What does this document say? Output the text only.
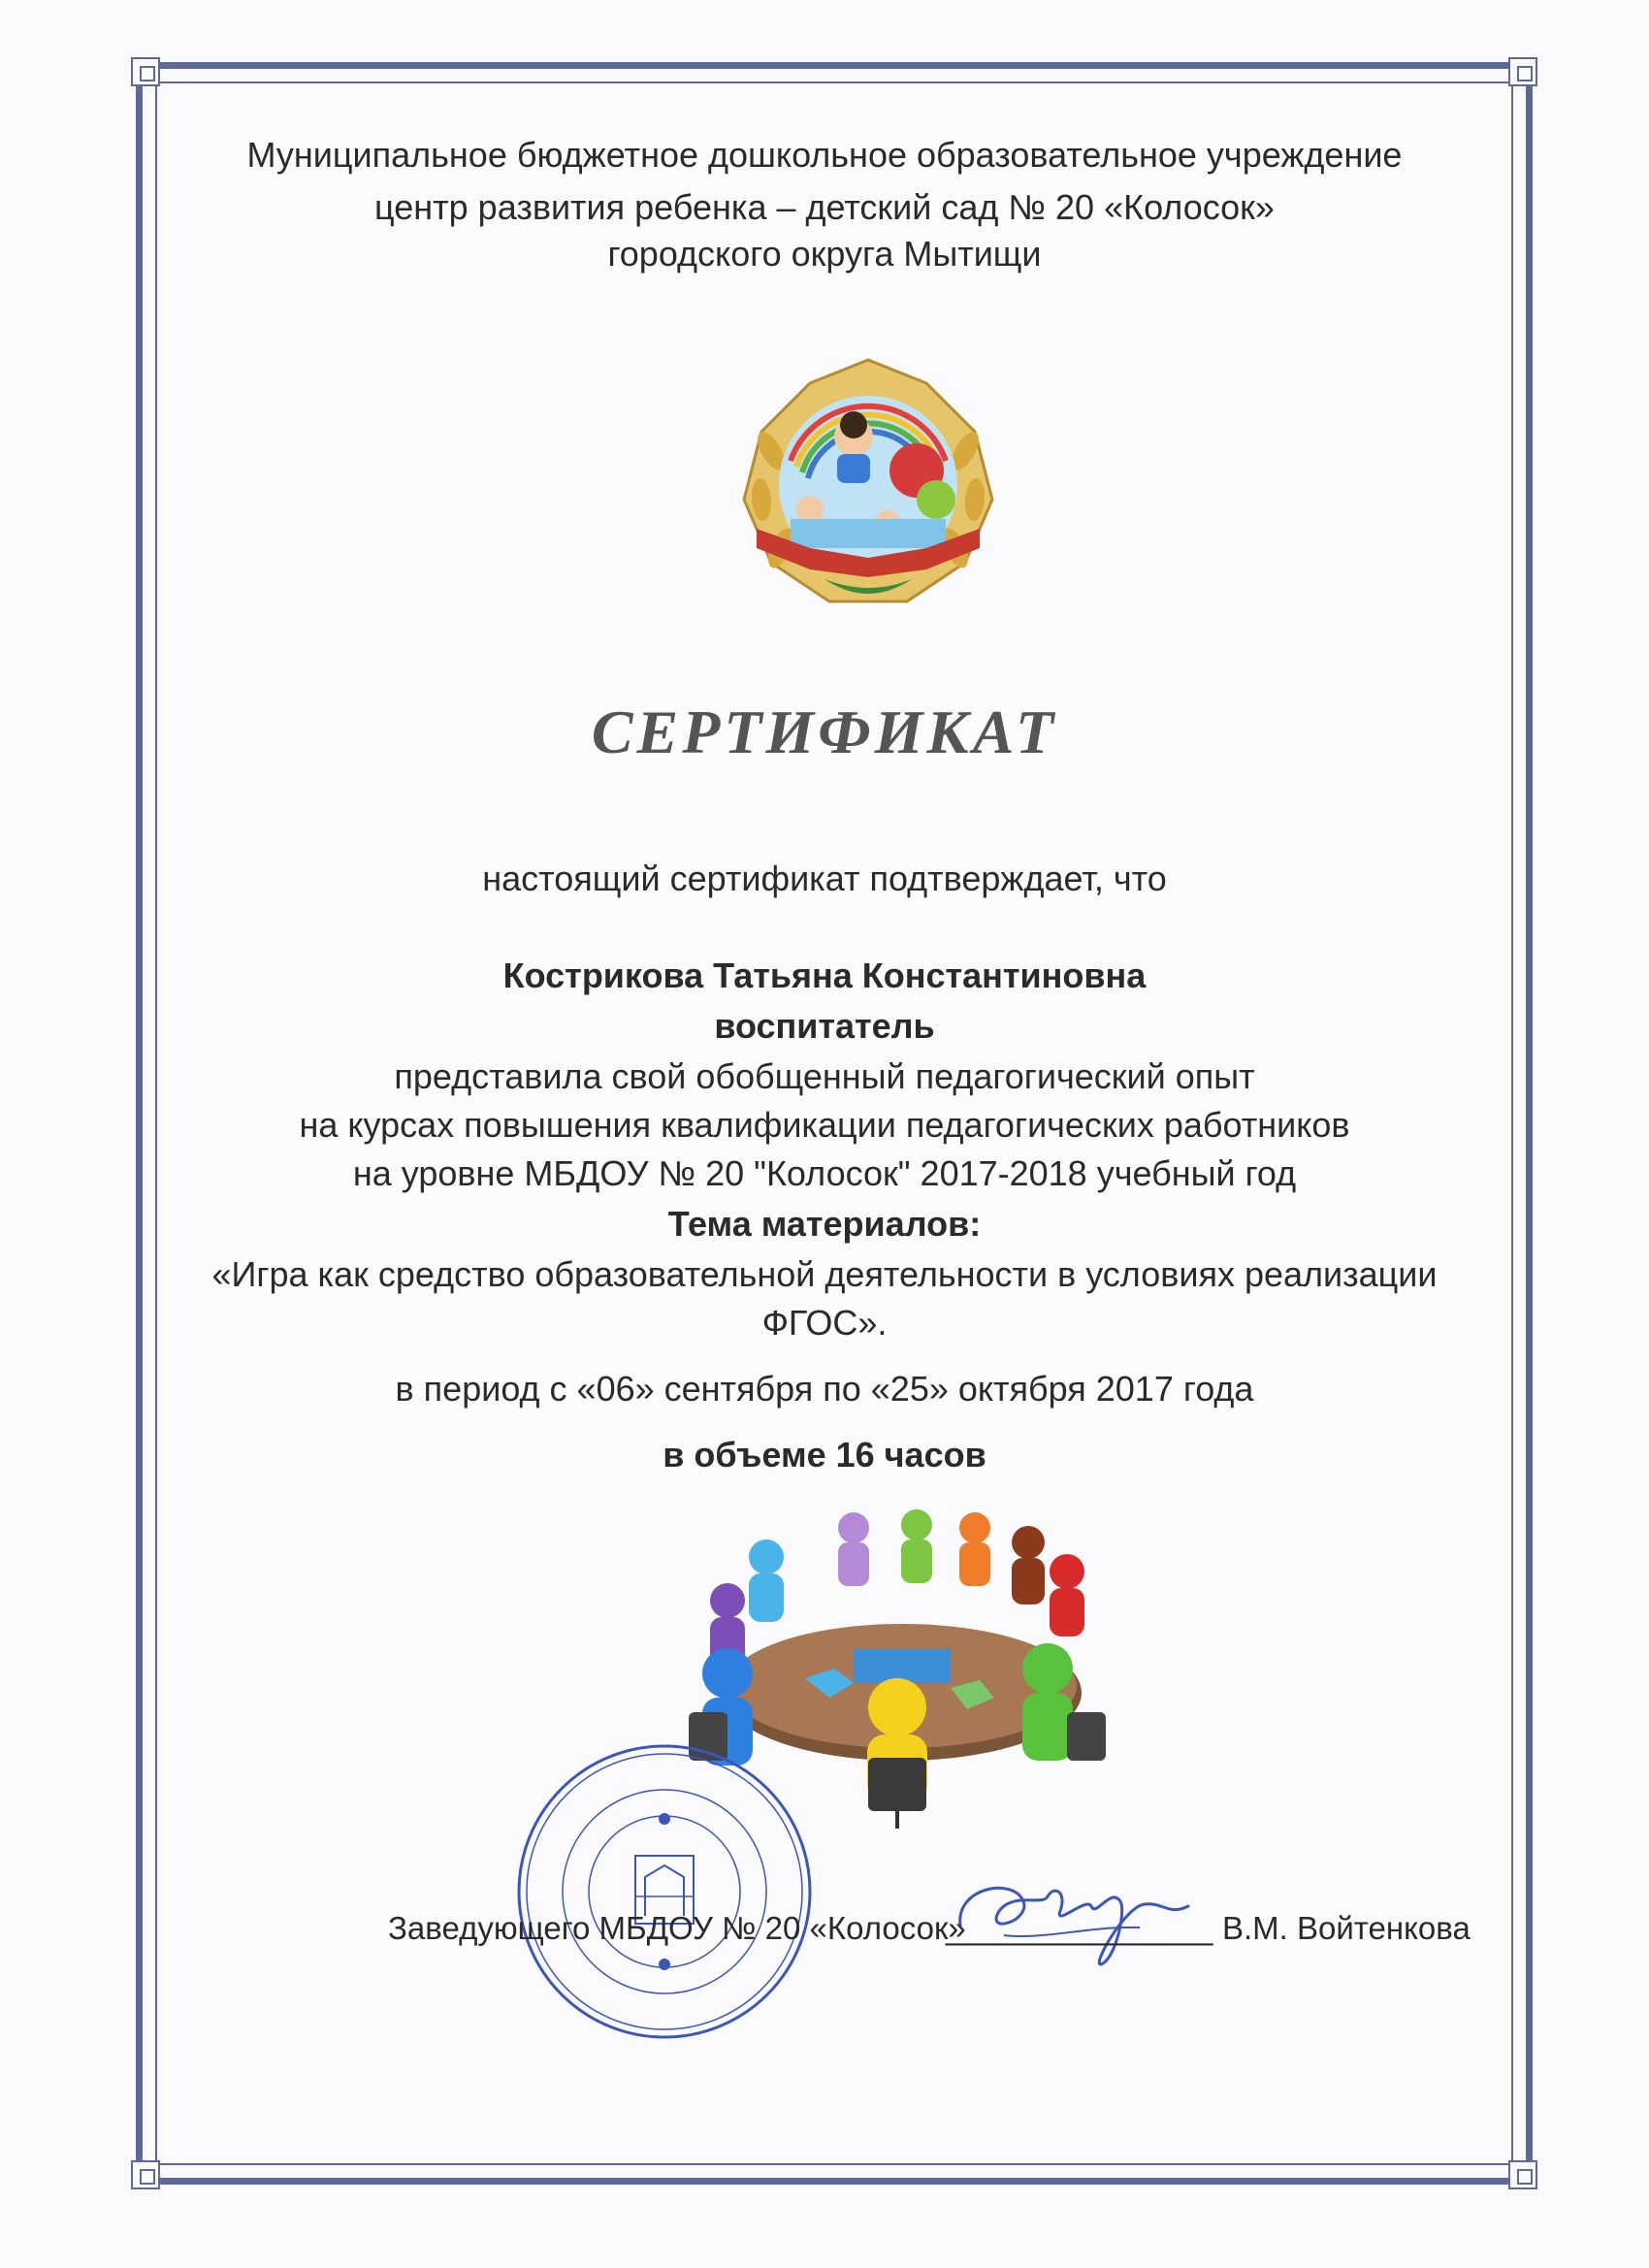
Муниципальное бюджетное дошкольное образовательное учреждение
центр развития ребенка – детский сад № 20 «Колосок»
городского округа Мытищи
СЕРТИФИКАТ
настоящий сертификат подтверждает, что
Кострикова Татьяна Константиновна
воспитатель
представила свой обобщенный педагогический опыт
на курсах повышения квалификации педагогических работников
на уровне МБДОУ № 20 "Колосок" 2017-2018 учебный год
Тема материалов:
«Игра как средство образовательной деятельности в условиях реализации
ФГОС».
в период с «06» сентября по «25» октября 2017 года
в объеме 16 часов
Заведующего МБДОУ № 20 «Колосок»
_______________ В.М. Войтенкова
